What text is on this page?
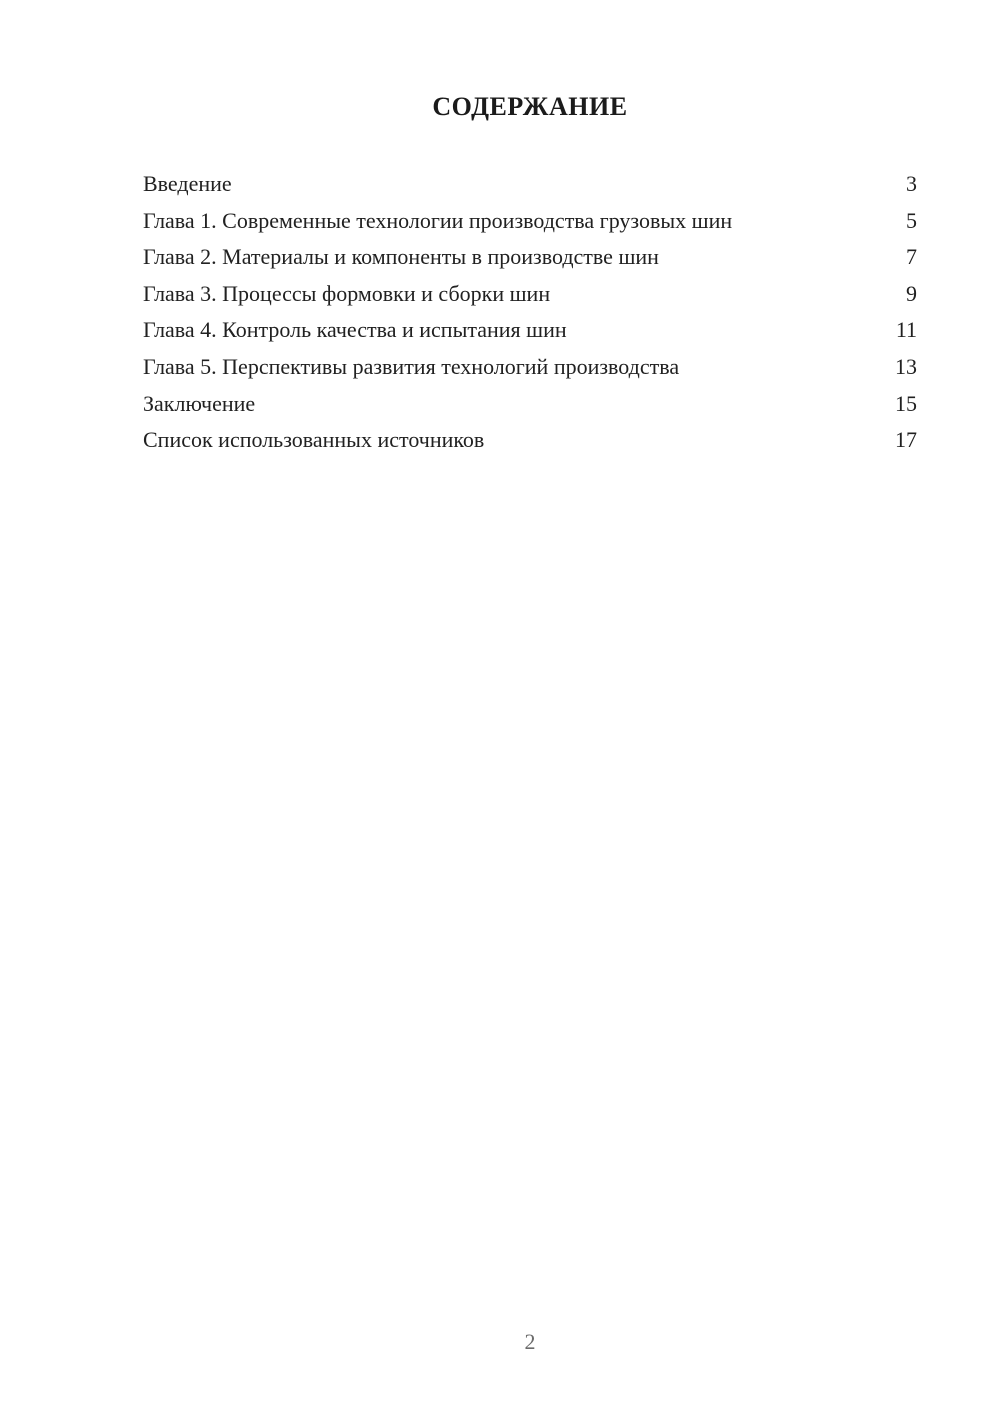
СОДЕРЖАНИЕ
Введение	3
Глава 1. Современные технологии производства грузовых шин	5
Глава 2. Материалы и компоненты в производстве шин	7
Глава 3. Процессы формовки и сборки шин	9
Глава 4. Контроль качества и испытания шин	11
Глава 5. Перспективы развития технологий производства	13
Заключение	15
Список использованных источников	17
2
